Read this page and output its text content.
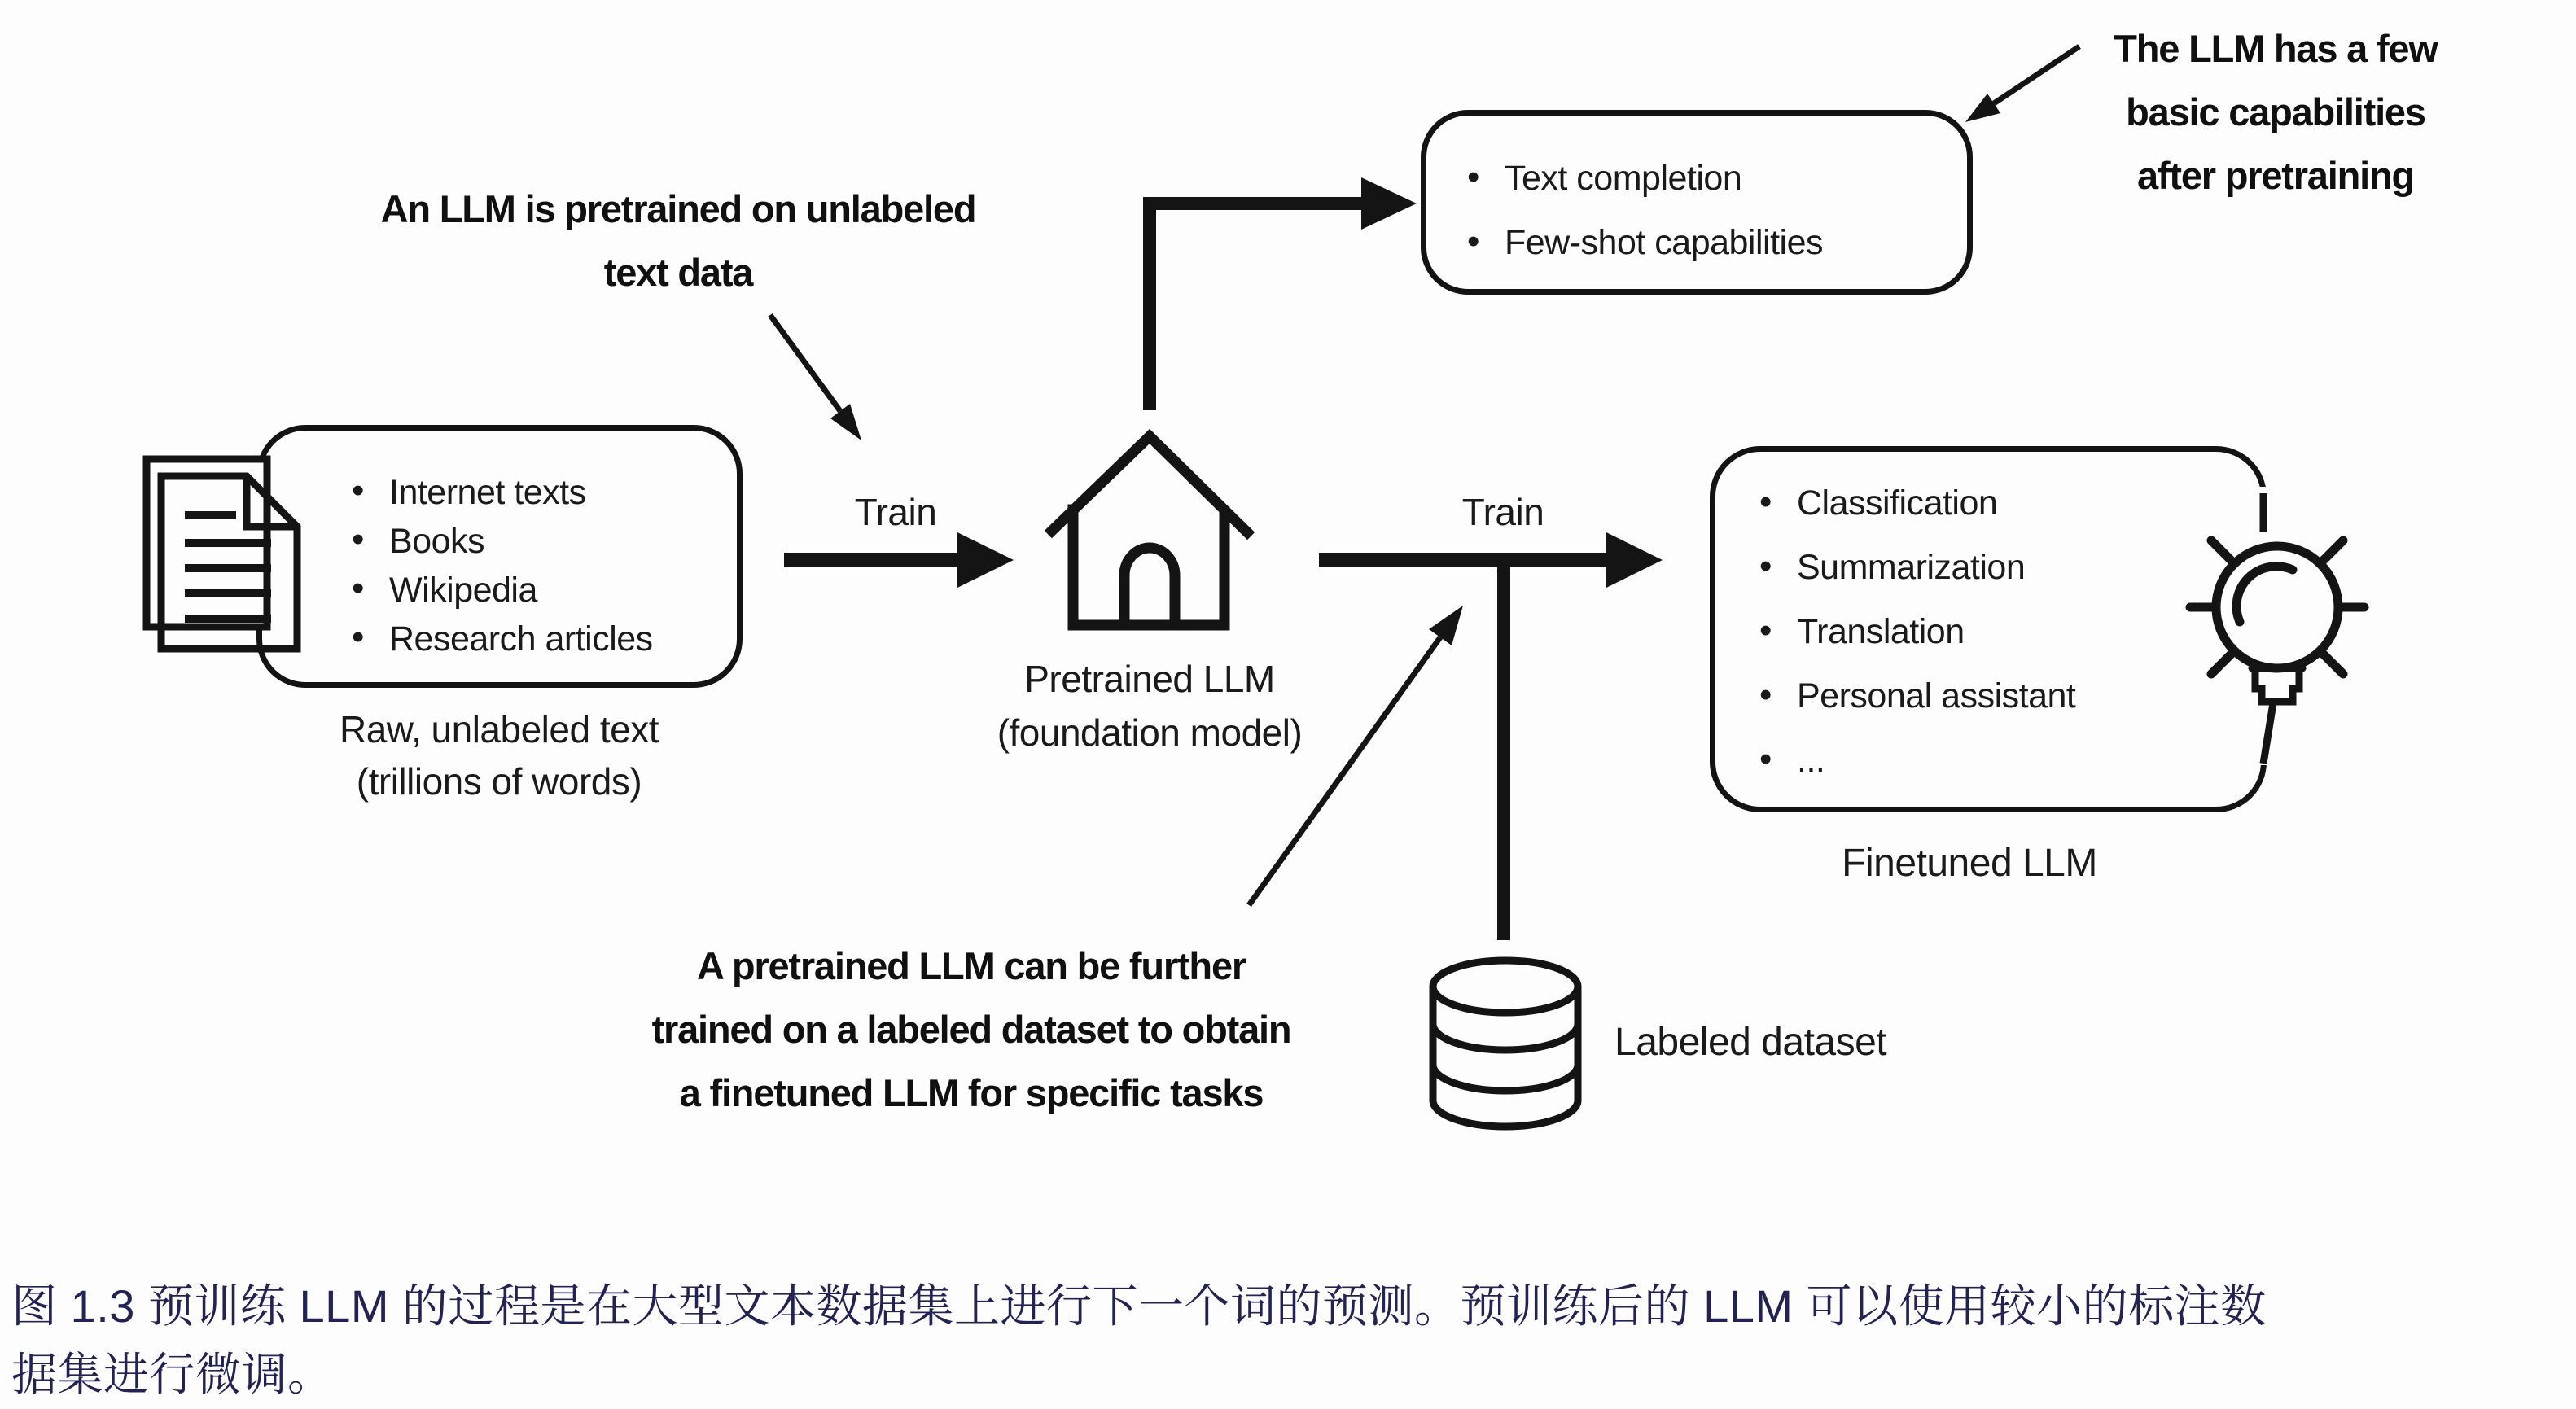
An LLM is pretrained on unlabeled
text data
The LLM has a few
basic capabilities
after pretraining
A pretrained LLM can be further
trained on a labeled dataset to obtain
a finetuned LLM for specific tasks
• Internet texts
• Books
• Wikipedia
• Research articles
• Text completion
• Few-shot capabilities
• Classification
• Summarization
• Translation
• Personal assistant
• ...
Raw, unlabeled text
(trillions of words)
Pretrained LLM
(foundation model)
Finetuned LLM
Labeled dataset
Train	Train
图 1.3 预训练 LLM 的过程是在大型文本数据集上进行下一个词的预测。预训练后的 LLM 可以使用较小的标注数
据集进行微调。
